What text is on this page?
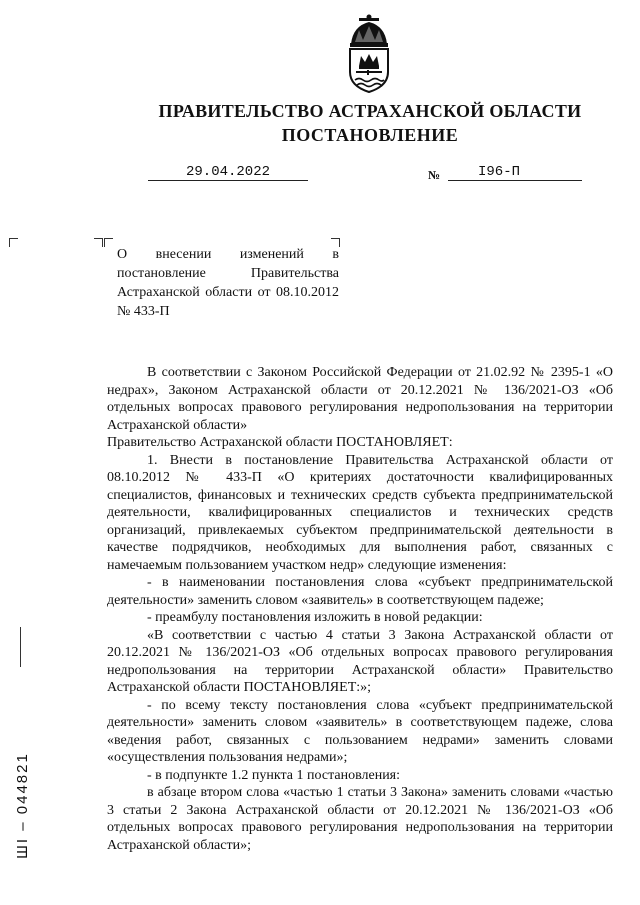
ПРАВИТЕЛЬСТВО АСТРАХАНСКОЙ ОБЛАСТИ
ПОСТАНОВЛЕНИЕ
29.04.2022	№	I96-П
О внесении изменений в постановление Правительства Астраханской области от 08.10.2012 № 433-П

В соответствии с Законом Российской Федерации от 21.02.92 № 2395-1 «О недрах», Законом Астраханской области от 20.12.2021 № 136/2021-ОЗ «Об отдельных вопросах правового регулирования недропользования на территории Астраханской области»

Правительство Астраханской области ПОСТАНОВЛЯЕТ:

1. Внести в постановление Правительства Астраханской области от 08.10.2012 № 433-П «О критериях достаточности квалифицированных специалистов, финансовых и технических средств субъекта предпринимательской деятельности, квалифицированных специалистов и технических средств организаций, привлекаемых субъектом предпринимательской деятельности в качестве подрядчиков, необходимых для выполнения работ, связанных с намечаемым пользованием участком недр» следующие изменения:

- в наименовании постановления слова «субъект предпринимательской деятельности» заменить словом «заявитель» в соответствующем падеже;

- преамбулу постановления изложить в новой редакции:

«В соответствии с частью 4 статьи 3 Закона Астраханской области от 20.12.2021 № 136/2021-ОЗ «Об отдельных вопросах правового регулирования недропользования на территории Астраханской области» Правительство Астраханской области ПОСТАНОВЛЯЕТ:»;

- по всему тексту постановления слова «субъект предпринимательской деятельности» заменить словом «заявитель» в соответствующем падеже, слова «ведения работ, связанных с пользованием недрами» заменить словами «осуществления пользования недрами»;

- в подпункте 1.2 пункта 1 постановления:

в абзаце втором слова «частью 1 статьи 3 Закона» заменить словами «частью 3 статьи 2 Закона Астраханской области от 20.12.2021 № 136/2021-ОЗ «Об отдельных вопросах правового регулирования недропользования на территории Астраханской области»;

ШI – 044821
